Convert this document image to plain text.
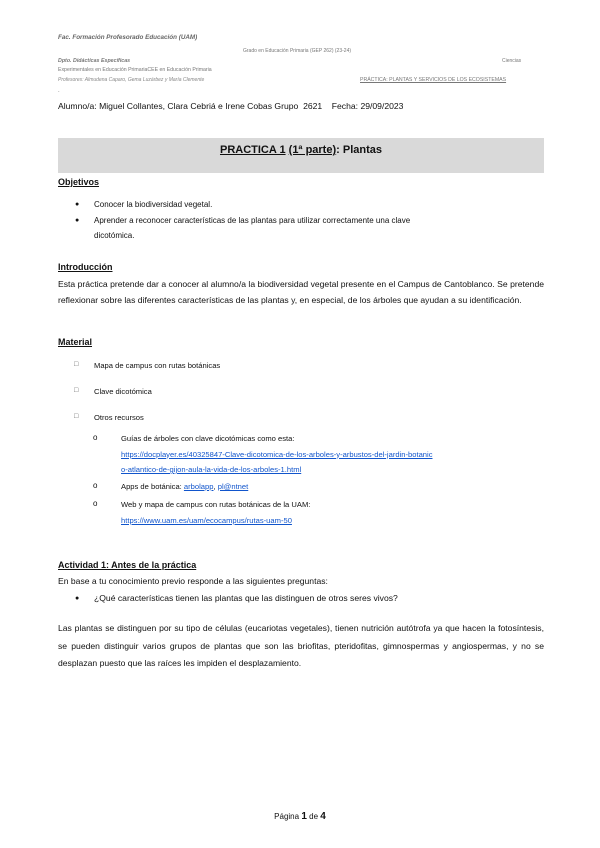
Fac. Formación Profesorado Educación (UAM)
Grado en Educación Primaria (GEP 262) (23-24)
Dpto. Didácticas Específicas	Ciencias
Experimentales en Educación PrimariaCEE en Educación Primaria
Profesores: Almudena Caparo, Gema Luzárbez y María Clemente	PRÁCTICA: PLANTAS Y SERVICIOS DE LOS ECOSISTEMAS
.
Alumno/a: Miguel Collantes, Clara Cebriá e Irene Cobas Grupo 2621 Fecha: 29/09/2023
PRACTICA 1 (1ª parte): Plantas
Objetivos
● Conocer la biodiversidad vegetal.
● Aprender a reconocer características de las plantas para utilizar correctamente una clave
dicotómica.
Introducción
Esta práctica pretende dar a conocer al alumno/a la biodiversidad vegetal presente en el Campus de Cantoblanco. Se pretende reflexionar sobre las diferentes características de las plantas y, en especial, de los árboles que ayudan a su identificación.
Material
□ Mapa de campus con rutas botánicas
□ Clave dicotómica
□ Otros recursos
o	Guías de árboles con clave dicotómicas como esta:
https://docplayer.es/40325847-Clave-dicotomica-de-los-arboles-y-arbustos-del-jardin-botanic
o-atlantico-de-gijon-aula-la-vida-de-los-arboles-1.html
o	Apps de botánica: arbolapp, pl@ntnet
o	Web y mapa de campus con rutas botánicas de la UAM:
https://www.uam.es/uam/ecocampus/rutas-uam-50
Actividad 1: Antes de la práctica
En base a tu conocimiento previo responde a las siguientes preguntas:
● ¿Qué características tienen las plantas que las distinguen de otros seres vivos?
Las plantas se distinguen por su tipo de células (eucariotas vegetales), tienen nutrición autótrofa ya que hacen la fotosíntesis, se pueden distinguir varios grupos de plantas que son las briofitas, pteridofitas, gimnospermas y angiospermas, y no se desplazan puesto que las raíces les impiden el desplazamiento.
Página 1 de 4
